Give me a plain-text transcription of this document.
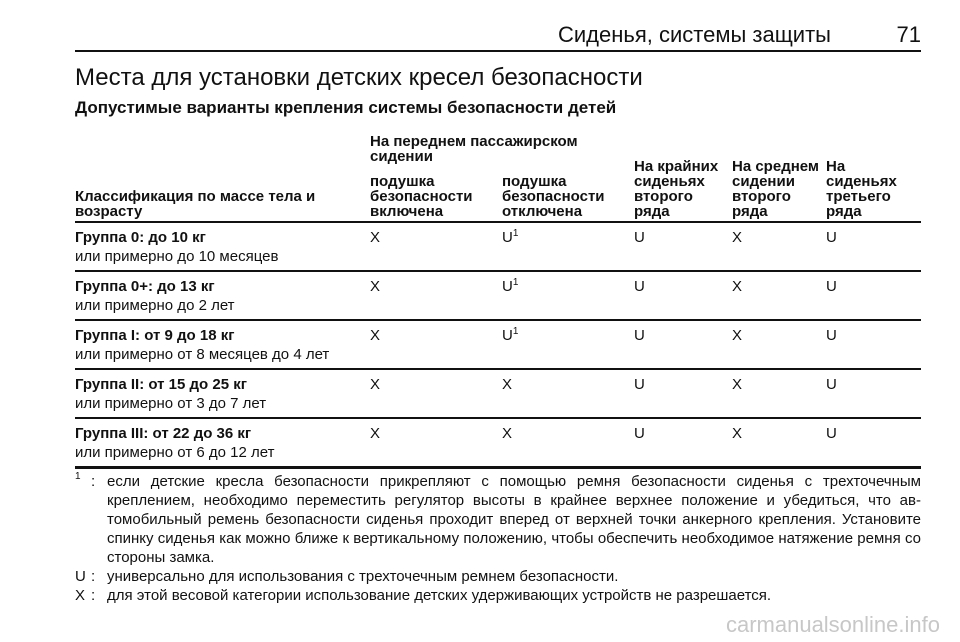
Сиденья, системы защиты	71
Места для установки детских кресел безопасности
Допустимые варианты крепления системы безопасности детей
Классификация по массе тела и возрасту	На переднем пассажирском сидении		На крайних сиденьях второго ряда	На среднем сидении второго ряда	На сиденьях третьего ряда
	подушка безопасности включена	подушка безопасности отключена			

Группа 0: до 10 кг
или примерно до 10 месяцев	X	$U^1$	U	X	U

Группа 0+: до 13 кг
или примерно до 2 лет	X	$U^1$	U	X	U

Группа I: от 9 до 18 кг
или примерно от 8 месяцев до 4 лет	X	$U^1$	U	X	U

Группа II: от 15 до 25 кг
или примерно от 3 до 7 лет	X	X	U	X	U

Группа III: от 22 до 36 кг
или примерно от 6 до 12 лет	X	X	U	X	U
$^1$ : если детские кресла безопасности прикрепляют с помощью ремня безопасности сиденья с трехточечным креплением, необходимо переместить регулятор высоты в крайнее верхнее положение и убедиться, что автомобильный ремень безопасности сиденья проходит вперед от верхней точки анкерного крепления. Установите спинку сиденья как можно ближе к вертикальному положению, чтобы обеспечить необходимое натяжение ремня со стороны замка.
U : универсально для использования с трехточечным ремнем безопасности.
X : для этой весовой категории использование детских удерживающих устройств не разрешается.
carmanualsonline.info
